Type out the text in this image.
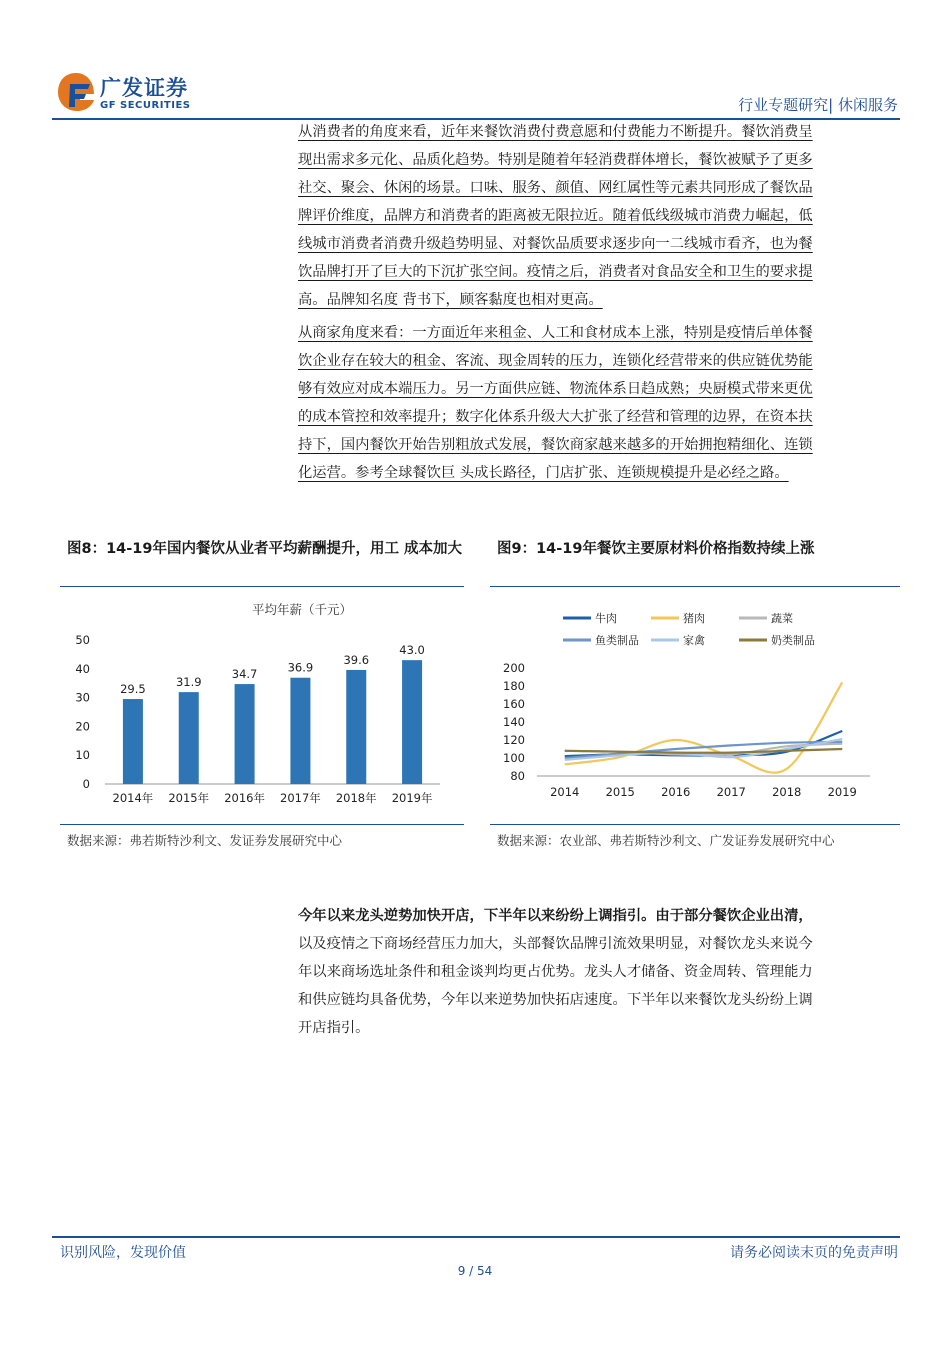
广发证券
GF SECURITIES	行业专题研究| 休闲服务
从消费者的角度来看，近年来餐饮消费付费意愿和付费能力不断提升。餐饮消费呈
现出需求多元化、品质化趋势。特别是随着年轻消费群体增长，餐饮被赋予了更多
社交、聚会、休闲的场景。口味、服务、颜值、网红属性等元素共同形成了餐饮品
牌评价维度，品牌方和消费者的距离被无限拉近。随着低线级城市消费力崛起，低
线城市消费者消费升级趋势明显、对餐饮品质要求逐步向一二线城市看齐，也为餐
饮品牌打开了巨大的下沉扩张空间。疫情之后，消费者对食品安全和卫生的要求提
高。品牌知名度 背书下，顾客黏度也相对更高。
从商家角度来看：一方面近年来租金、人工和食材成本上涨，特别是疫情后单体餐
饮企业存在较大的租金、客流、现金周转的压力，连锁化经营带来的供应链优势能
够有效应对成本端压力。另一方面供应链、物流体系日趋成熟；央厨模式带来更优
的成本管控和效率提升；数字化体系升级大大扩张了经营和管理的边界，在资本扶
持下，国内餐饮开始告别粗放式发展，餐饮商家越来越多的开始拥抱精细化、连锁
化运营。参考全球餐饮巨 头成长路径，门店扩张、连锁规模提升是必经之路。
图8：14-19年国内餐饮从业者平均薪酬提升，用工 成本加大
平均年薪（千元）
0
10
20
30
40
50
29.5
2014年
31.9
2015年
34.7
2016年
36.9
2017年
39.6
2018年
43.0
2019年
数据来源：弗若斯特沙利文、发证券发展研究中心
图9：14-19年餐饮主要原材料价格指数持续上涨
牛肉	猪肉	蔬菜
鱼类制品	家禽	奶类制品
80
100
120
140
160
180
200
2014 2015 2016 2017 2018 2019
数据来源：农业部、弗若斯特沙利文、广发证券发展研究中心
今年以来龙头逆势加快开店，下半年以来纷纷上调指引。由于部分餐饮企业出清，
以及疫情之下商场经营压力加大，头部餐饮品牌引流效果明显，对餐饮龙头来说今
年以来商场选址条件和租金谈判均更占优势。龙头人才储备、资金周转、管理能力
和供应链均具备优势，今年以来逆势加快拓店速度。下半年以来餐饮龙头纷纷上调
开店指引。
识别风险，发现价值	请务必阅读末页的免责声明
9 / 54
